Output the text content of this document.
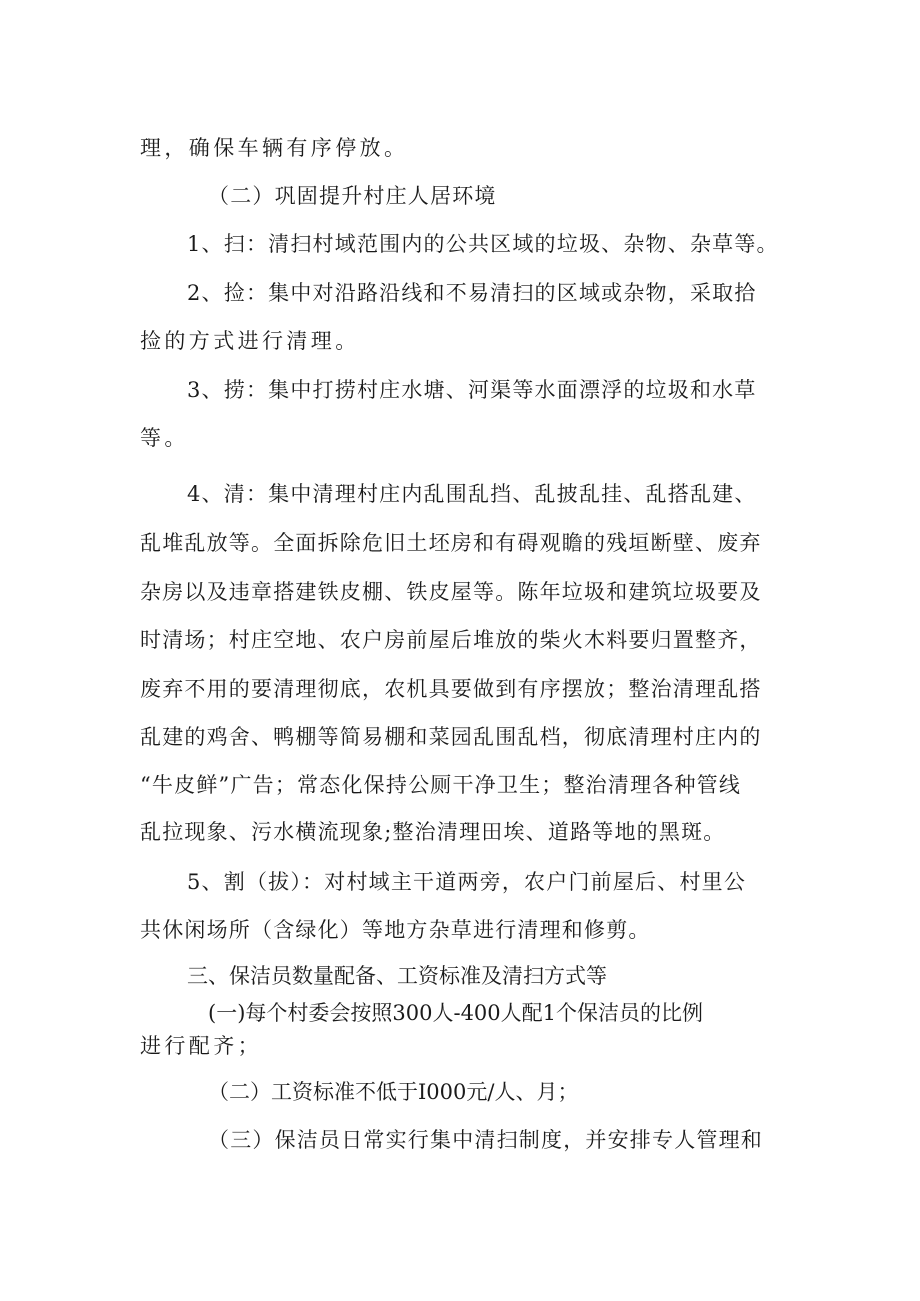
理，确保车辆有序停放。
（二）巩固提升村庄人居环境
1、扫：清扫村域范围内的公共区域的垃圾、杂物、杂草等。
2、捡：集中对沿路沿线和不易清扫的区域或杂物，采取拾
捡的方式进行清理。
3、捞：集中打捞村庄水塘、河渠等水面漂浮的垃圾和水草
等。
4、清：集中清理村庄内乱围乱挡、乱披乱挂、乱搭乱建、
乱堆乱放等。全面拆除危旧土坯房和有碍观瞻的残垣断壁、废弃
杂房以及违章搭建铁皮棚、铁皮屋等。陈年垃圾和建筑垃圾要及
时清场；村庄空地、农户房前屋后堆放的柴火木料要归置整齐，
废弃不用的要清理彻底，农机具要做到有序摆放；整治清理乱搭
乱建的鸡舍、鸭棚等简易棚和菜园乱围乱档，彻底清理村庄内的
“牛皮鲜”广告；常态化保持公厕干净卫生；整治清理各种管线
乱拉现象、污水横流现象;整治清理田埃、道路等地的黑斑。
5、割（拔）：对村域主干道两旁，农户门前屋后、村里公
共休闲场所（含绿化）等地方杂草进行清理和修剪。
三、保洁员数量配备、工资标准及清扫方式等
(一)每个村委会按照300人-400人配1个保洁员的比例
进行配齐；
（二）工资标准不低于I000元/人、月；
（三）保洁员日常实行集中清扫制度，并安排专人管理和
